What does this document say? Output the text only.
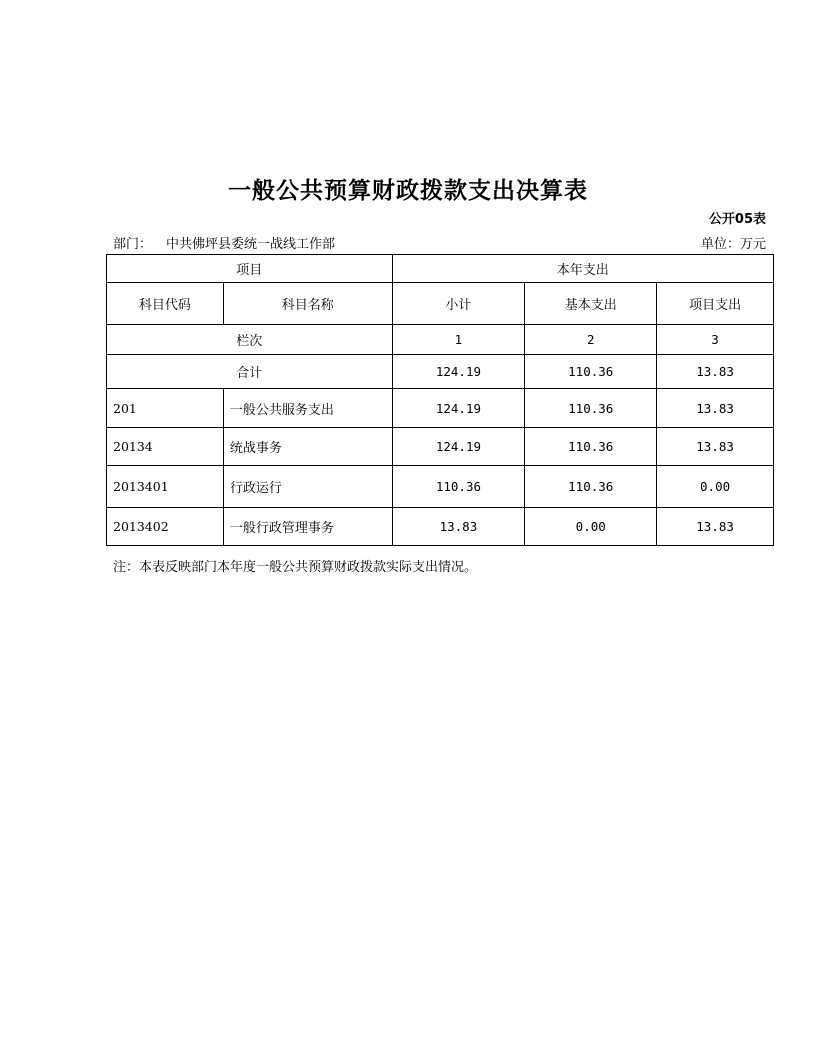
一般公共预算财政拨款支出决算表
公开05表
部门： 中共佛坪县委统一战线工作部	单位：万元
项目		本年支出		
科目代码	科目名称	小计	基本支出	项目支出
栏次		1	2	3
合计		124.19	110.36	13.83
201	一般公共服务支出	124.19	110.36	13.83
20134	统战事务	124.19	110.36	13.83
2013401	行政运行	110.36	110.36	0.00
2013402	一般行政管理事务	13.83	0.00	13.83
注：本表反映部门本年度一般公共预算财政拨款实际支出情况。
